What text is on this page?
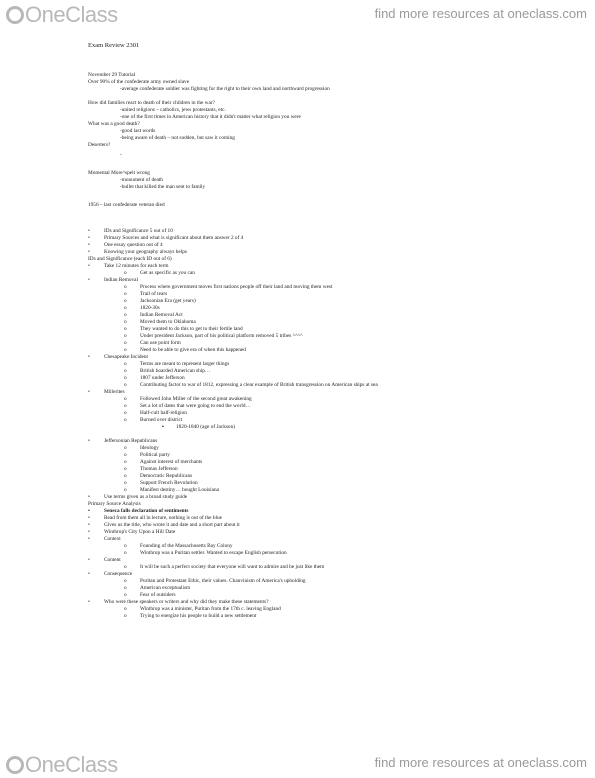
OneClass	find more resources at oneclass.com
Exam Review 2301
November 29 Tutorial
Over 90% of the confederate army owned slave
-average confederate soldier was fighting for the right to their own land and northward progression
How did families react to death of their children in the war?
-united religions – catholics, jews protestants, etc.
-one of the first times in American history that it didn't matter what religion you were
What was a good death?
-good last words
-being aware of death – not sudden, but saw it coming
Deserters?
-
Momental More^spelt wrong
-monument of death
-bullet that killed the man sent to family
1956 – last confederate veteran died
• IDs and Significance 5 out of 10
• Primary Sources and what is significant about them answer 2 of 4
• One essay question out of 4
• Knowing your geography always helps
IDs and Significance (each ID out of 6)
• Take 12 minutes for each term
o Get as specific as you can
• Indian Removal
o Process where government moves first nations people off their land and moving them west
o Trail of tears
o Jacksonian Era (get years)
o 1820-30s
o Indian Removal Act
o Moved them to Oklahoma
o They wanted to do this to get to their fertile land
o Under president Jackson, part of his political platform removed 5 tribes ^^^^
o Can use point form
o Need to be able to give era of when this happened
• Chesapeake Incident
o Terms are meant to represent larger things
o British boarded American ship…
o 1807 under Jefferson
o Contributing factor to war of 1812, expressing a clear example of British transgression on American ships at sea
• Millerites
o Followed John Miller of the second great awakening
o Set a lot of dates that were going to end the world…
o Half-cult half-religion
o Burned over district
▪ 1820-1840 (age of Jackson)
• Jeffersonian Republicans
o Ideology
o Political party
o Against interest of merchants
o Thomas Jefferson
o Democratic Republicans
o Support French Revolution
o Manifest destiny… bought Louisiana
• Use terms given as a broad study guide
Primary Source Analysis
• Seneca falls declaration of sentiments
• Read from them all in lecture, nothing is out of the blue
• Gives us the title, who wrote it and date and a short part about it
• Winthrop's City Upon a Hill Date
• Context
o Founding of the Massachusetts Bay Colony
o Winthrop was a Puritan settler. Wanted to escape English persecution
• Content
o It will be such a perfect society that everyone will want to admire and be just like them
• Consequence
o Puritan and Protestant Ethic, their values. Chauvinism of America's upholding
o American exceptualism
o Fear of outsiders
• Who were these speakers or writers and why did they make these statements?
o Winthrop was a minister, Puritan from the 17th c. leaving England
o Trying to energize his people to build a new settlement
OneClass	find more resources at oneclass.com
